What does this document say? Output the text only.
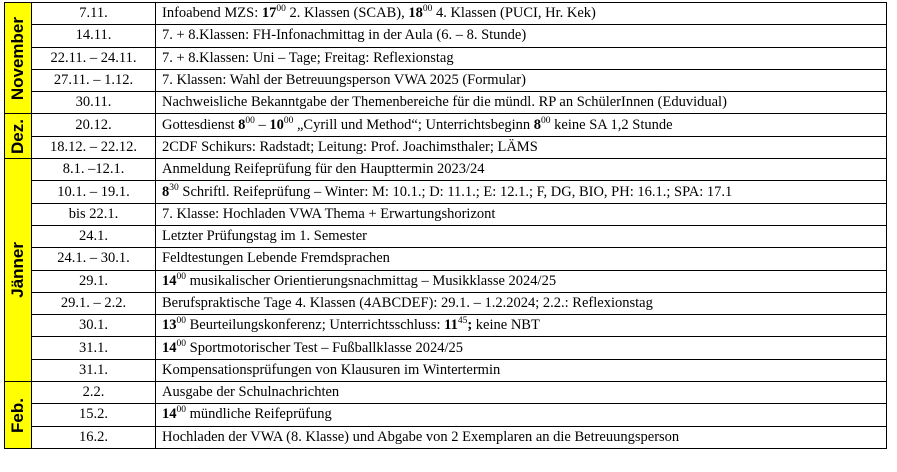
November	7.11.	Infoabend MZS: $17^{00}$ 2. Klassen (SCAB), $18^{00}$ 4. Klassen (PUCI, Hr. Kek)
	14.11.	7. + 8.Klassen: FH-Infonachmittag in der Aula (6. – 8. Stunde)
	22.11. – 24.11.	7. + 8.Klassen: Uni – Tage; Freitag: Reflexionstag
	27.11. – 1.12.	7. Klassen: Wahl der Betreuungsperson VWA 2025 (Formular)
	30.11.	Nachweisliche Bekanntgabe der Themenbereiche für die mündl. RP an SchülerInnen (Eduvidual)

Dez.	20.12.	Gottesdienst $8^{00} - 10^{00}$ „Cyrill und Method“; Unterrichtsbeginn $8^{00}$ keine SA 1,2 Stunde
	18.12. – 22.12.	2CDF Schikurs: Radstadt; Leitung: Prof. Joachimsthaler; LÄMS

Jänner	8.1. –12.1.	Anmeldung Reifeprüfung für den Haupttermin 2023/24
	10.1. – 19.1.	$8^{30}$ Schriftl. Reifeprüfung – Winter: M: 10.1.; D: 11.1.; E: 12.1.; F, DG, BIO, PH: 16.1.; SPA: 17.1
	bis 22.1.	7. Klasse: Hochladen VWA Thema + Erwartungshorizont
	24.1.	Letzter Prüfungstag im 1. Semester
	24.1. – 30.1.	Feldtestungen Lebende Fremdsprachen
	29.1.	$14^{00}$ musikalischer Orientierungsnachmittag – Musikklasse 2024/25
	29.1. – 2.2.	Berufspraktische Tage 4. Klassen (4ABCDEF): 29.1. – 1.2.2024; 2.2.: Reflexionstag
	30.1.	$13^{00}$ Beurteilungskonferenz; Unterrichtsschluss: $11^{45}$; keine NBT
	31.1.	$14^{00}$ Sportmotorischer Test – Fußballklasse 2024/25
	31.1.	Kompensationsprüfungen von Klausuren im Wintertermin

Feb.	2.2.	Ausgabe der Schulnachrichten
	15.2.	$14^{00}$ mündliche Reifeprüfung
	16.2.	Hochladen der VWA (8. Klasse) und Abgabe von 2 Exemplaren an die Betreuungsperson
